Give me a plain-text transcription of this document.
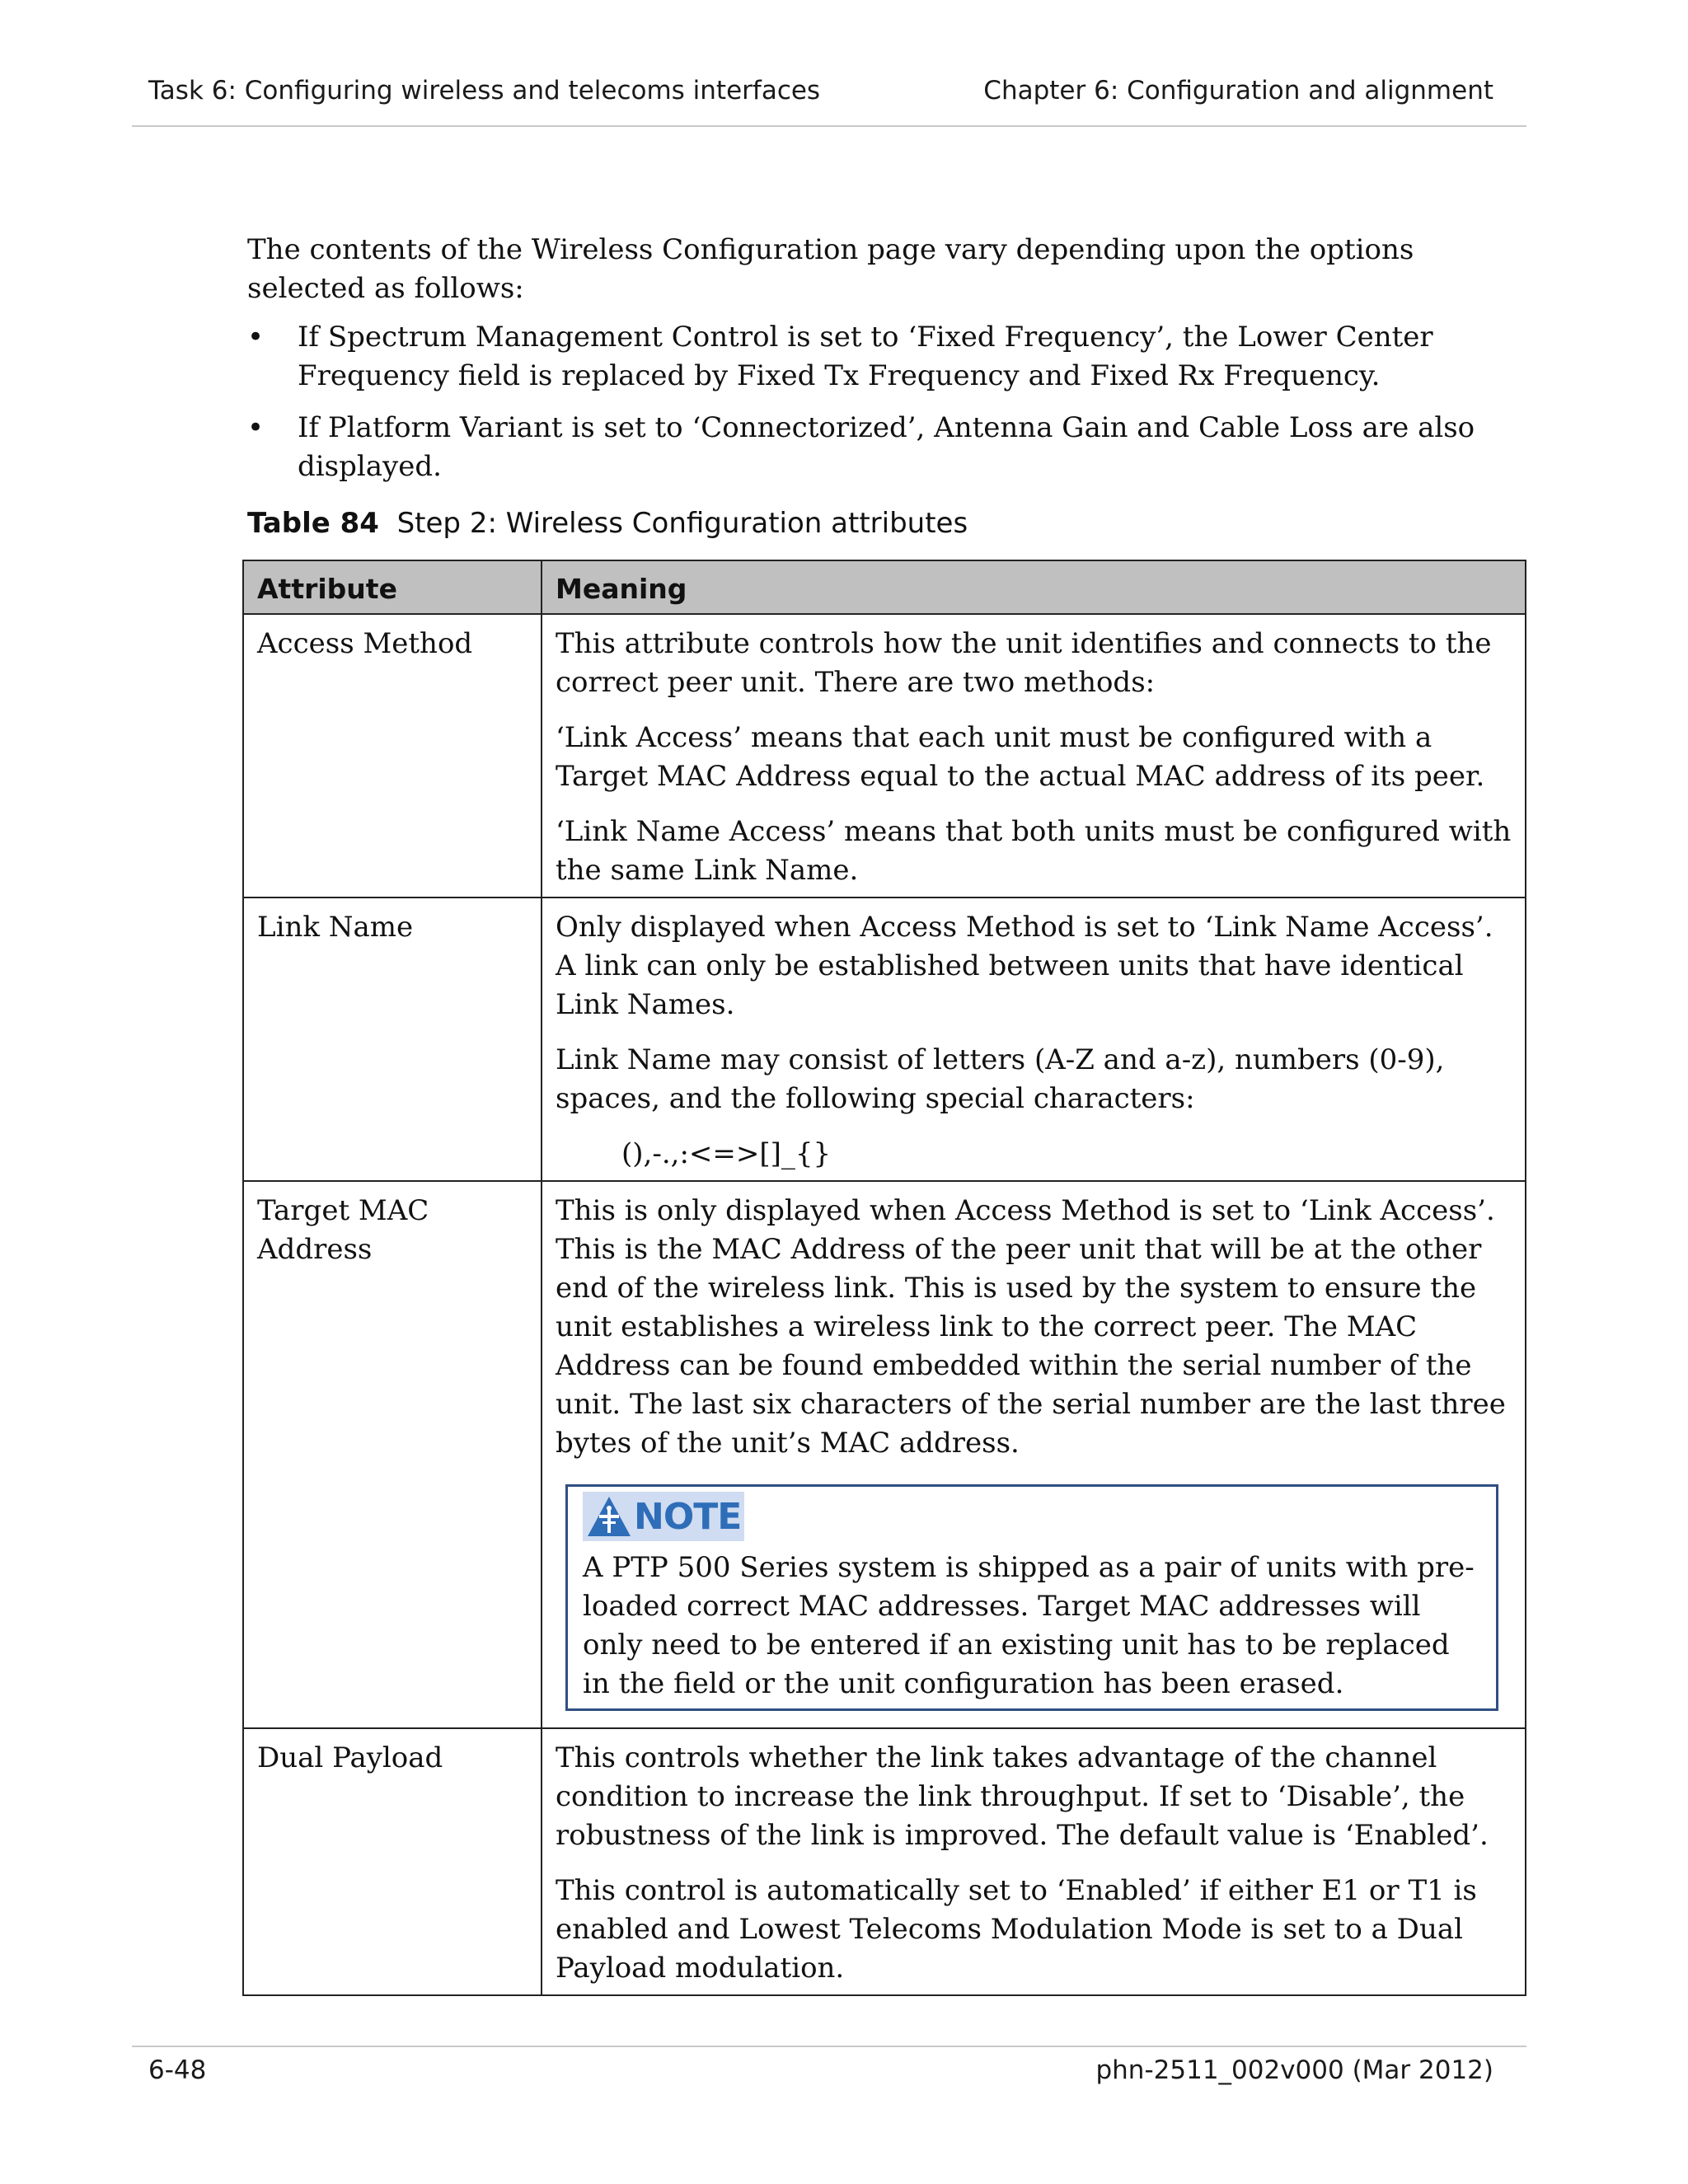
Task 6: Configuring wireless and telecoms interfaces	Chapter 6: Configuration and alignment

The contents of the Wireless Configuration page vary depending upon the options selected as follows:

• If Spectrum Management Control is set to ‘Fixed Frequency’, the Lower Center Frequency field is replaced by Fixed Tx Frequency and Fixed Rx Frequency.
• If Platform Variant is set to ‘Connectorized’, Antenna Gain and Cable Loss are also displayed.
Table 84 Step 2: Wireless Configuration attributes
Attribute	Meaning
Access Method	This attribute controls how the unit identifies and connects to the correct peer unit. There are two methods:

‘Link Access’ means that each unit must be configured with a Target MAC Address equal to the actual MAC address of its peer.

‘Link Name Access’ means that both units must be configured with the same Link Name.

Link Name	Only displayed when Access Method is set to ‘Link Name Access’. A link can only be established between units that have identical Link Names.

Link Name may consist of letters (A-Z and a-z), numbers (0-9), spaces, and the following special characters:

(),-.,:<=>[]_{}

Target MAC Address	This is only displayed when Access Method is set to ‘Link Access’. This is the MAC Address of the peer unit that will be at the other end of the wireless link. This is used by the system to ensure the unit establishes a wireless link to the correct peer. The MAC Address can be found embedded within the serial number of the unit. The last six characters of the serial number are the last three bytes of the unit’s MAC address.

NOTE
A PTP 500 Series system is shipped as a pair of units with pre-loaded correct MAC addresses. Target MAC addresses will only need to be entered if an existing unit has to be replaced in the field or the unit configuration has been erased.

Dual Payload	This controls whether the link takes advantage of the channel condition to increase the link throughput. If set to ‘Disable’, the robustness of the link is improved. The default value is ‘Enabled’.

This control is automatically set to ‘Enabled’ if either E1 or T1 is enabled and Lowest Telecoms Modulation Mode is set to a Dual Payload modulation.

6-48	phn-2511_002v000 (Mar 2012)
